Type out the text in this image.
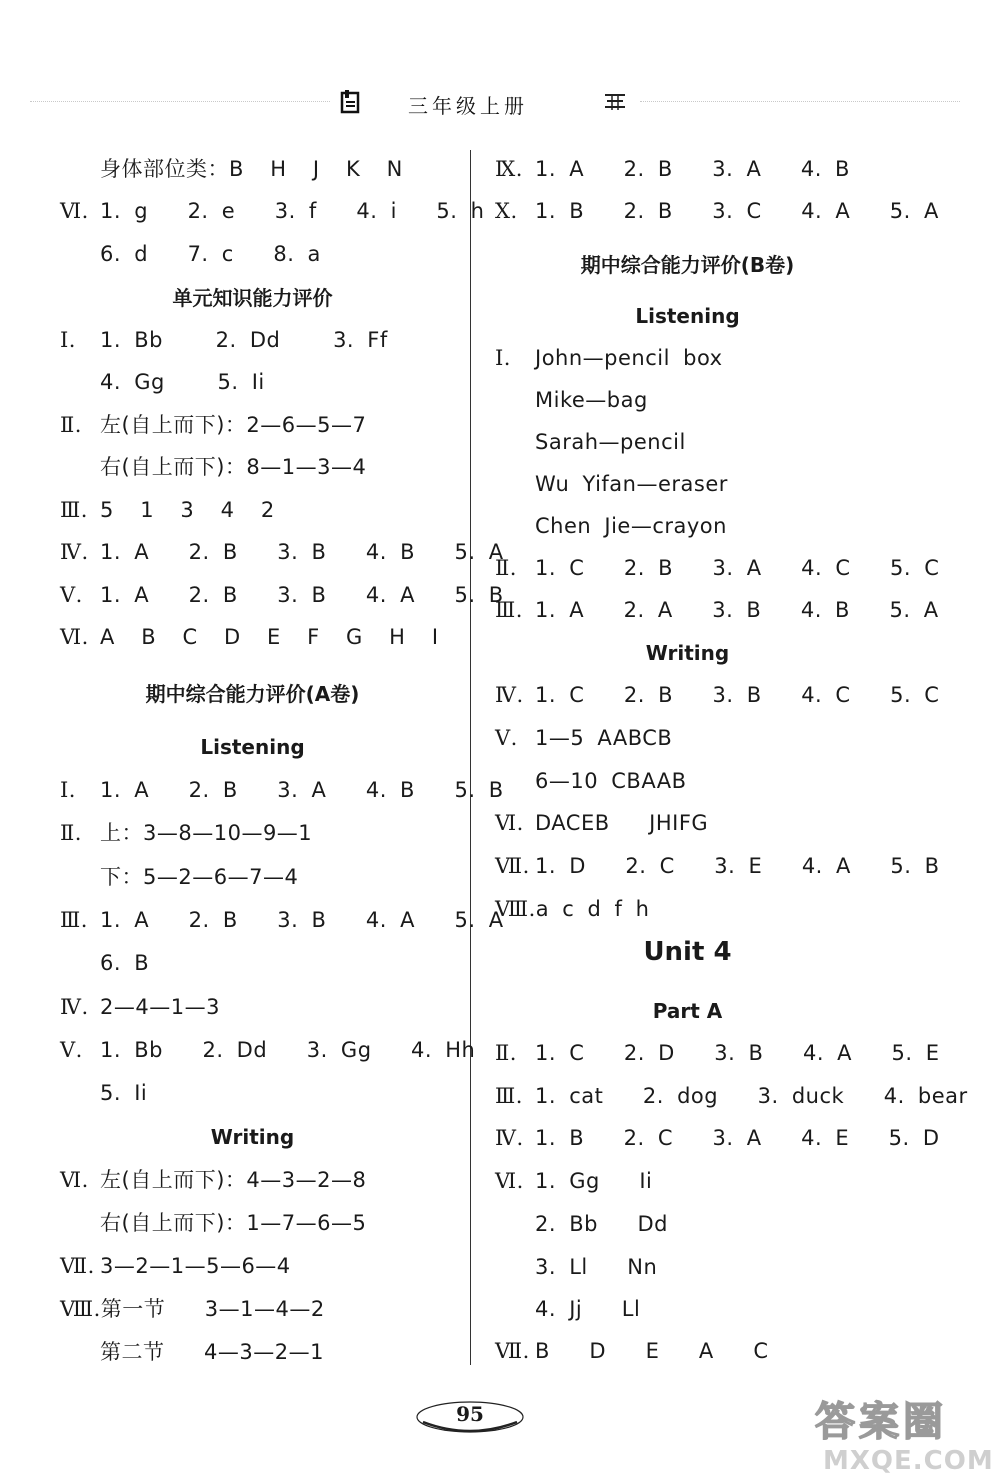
三年级上册
身体部位类：B  H  J  K  N
Ⅵ. 1. g   2. e   3. f   4. i   5. h
6. d   7. c   8. a
单元知识能力评价
Ⅰ. 1. Bb    2. Dd    3. Ff
4. Gg    5. Ii
Ⅱ. 左(自上而下)：2—6—5—7
右(自上而下)：8—1—3—4
Ⅲ. 5  1  3  4  2
Ⅳ. 1. A   2. B   3. B   4. B   5. A
Ⅴ. 1. A   2. B   3. B   4. A   5. B
Ⅵ. A  B  C  D  E  F  G  H  I
期中综合能力评价(A卷)
Listening
Ⅰ. 1. A   2. B   3. A   4. B   5. B
Ⅱ. 上：3—8—10—9—1
下：5—2—6—7—4
Ⅲ. 1. A   2. B   3. B   4. A   5. A
6. B
Ⅳ. 2—4—1—3
Ⅴ. 1. Bb   2. Dd   3. Gg   4. Hh
5. Ii
Writing
Ⅵ. 左(自上而下)：4—3—2—8
右(自上而下)：1—7—6—5
Ⅶ. 3—2—1—5—6—4
Ⅷ.第一节   3—1—4—2
第二节   4—3—2—1
Ⅸ. 1. A   2. B   3. A   4. B
Ⅹ. 1. B   2. B   3. C   4. A   5. A
期中综合能力评价(B卷)
Listening
Ⅰ. John—pencil box
Mike—bag
Sarah—pencil
Wu Yifan—eraser
Chen Jie—crayon
Ⅱ. 1. C   2. B   3. A   4. C   5. C
Ⅲ. 1. A   2. A   3. B   4. B   5. A
Writing
Ⅳ. 1. C   2. B   3. B   4. C   5. C
Ⅴ. 1—5 AABCB
6—10 CBAAB
Ⅵ. DACEB   JHIFG
Ⅶ. 1. D   2. C   3. E   4. A   5. B
Ⅷ.a c d f h
Unit 4
Part A
Ⅱ. 1. C   2. D   3. B   4. A   5. E
Ⅲ. 1. cat   2. dog   3. duck   4. bear
Ⅳ. 1. B   2. C   3. A   4. E   5. D
Ⅵ. 1. Gg   Ii
2. Bb   Dd
3. Ll   Nn
4. Jj   Ll
Ⅶ. B   D   E   A   C
95	答案圈
MXQE.COM
